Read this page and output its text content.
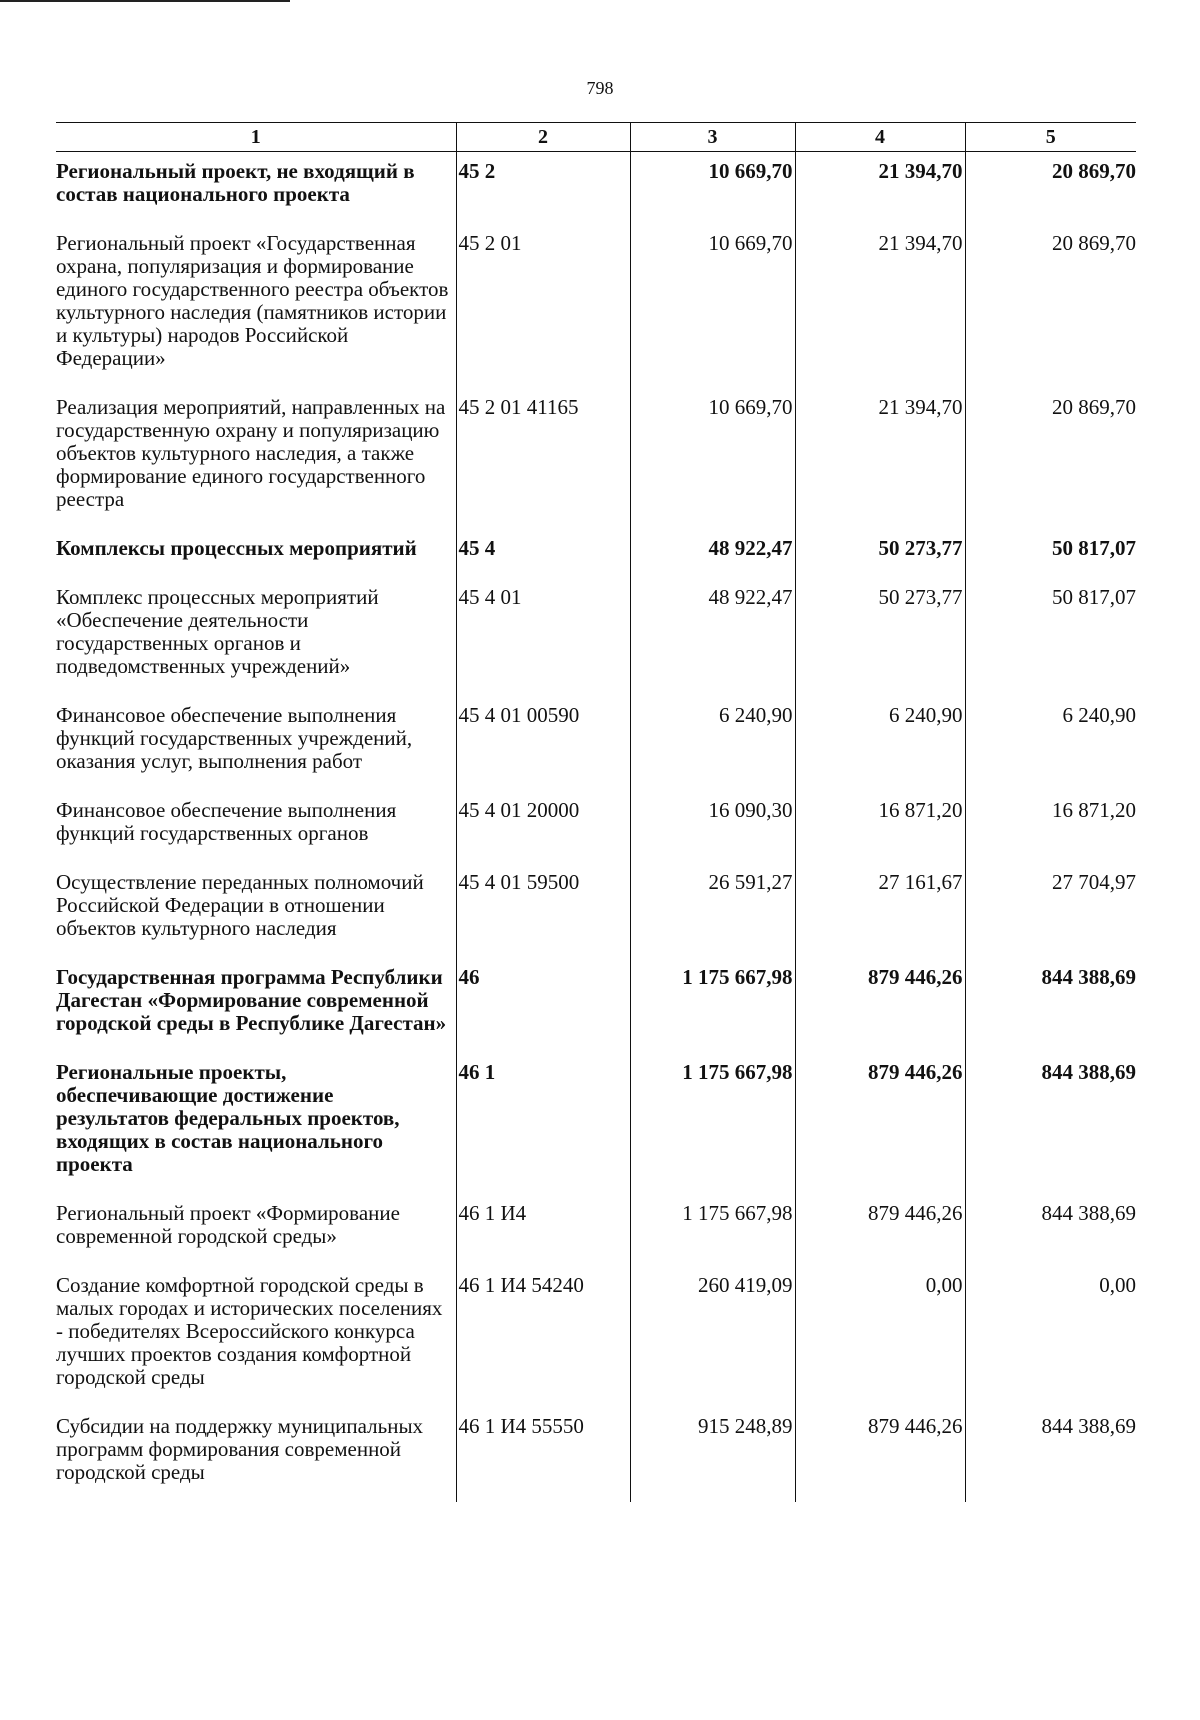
798
1	2	3	4	5
Региональный проект, не входящий в состав национального проекта	45 2	10 669,70	21 394,70	20 869,70
Региональный проект «Государственная охрана, популяризация и формирование единого государственного реестра объектов культурного наследия (памятников истории и культуры) народов Российской Федерации»	45 2 01	10 669,70	21 394,70	20 869,70
Реализация мероприятий, направленных на государственную охрану и популяризацию объектов культурного наследия, а также формирование единого государственного реестра	45 2 01 41165	10 669,70	21 394,70	20 869,70
Комплексы процессных мероприятий	45 4	48 922,47	50 273,77	50 817,07
Комплекс процессных мероприятий «Обеспечение деятельности государственных органов и подведомственных учреждений»	45 4 01	48 922,47	50 273,77	50 817,07
Финансовое обеспечение выполнения функций государственных учреждений, оказания услуг, выполнения работ	45 4 01 00590	6 240,90	6 240,90	6 240,90
Финансовое обеспечение выполнения функций государственных органов	45 4 01 20000	16 090,30	16 871,20	16 871,20
Осуществление переданных полномочий Российской Федерации в отношении объектов культурного наследия	45 4 01 59500	26 591,27	27 161,67	27 704,97
Государственная программа Республики Дагестан «Формирование современной городской среды в Республике Дагестан»	46	1 175 667,98	879 446,26	844 388,69
Региональные проекты, обеспечивающие достижение результатов федеральных проектов, входящих в состав национального проекта	46 1	1 175 667,98	879 446,26	844 388,69
Региональный проект «Формирование современной городской среды»	46 1 И4	1 175 667,98	879 446,26	844 388,69
Создание комфортной городской среды в малых городах и исторических поселениях - победителях Всероссийского конкурса лучших проектов создания комфортной городской среды	46 1 И4 54240	260 419,09	0,00	0,00
Субсидии на поддержку муниципальных программ формирования современной городской среды	46 1 И4 55550	915 248,89	879 446,26	844 388,69
